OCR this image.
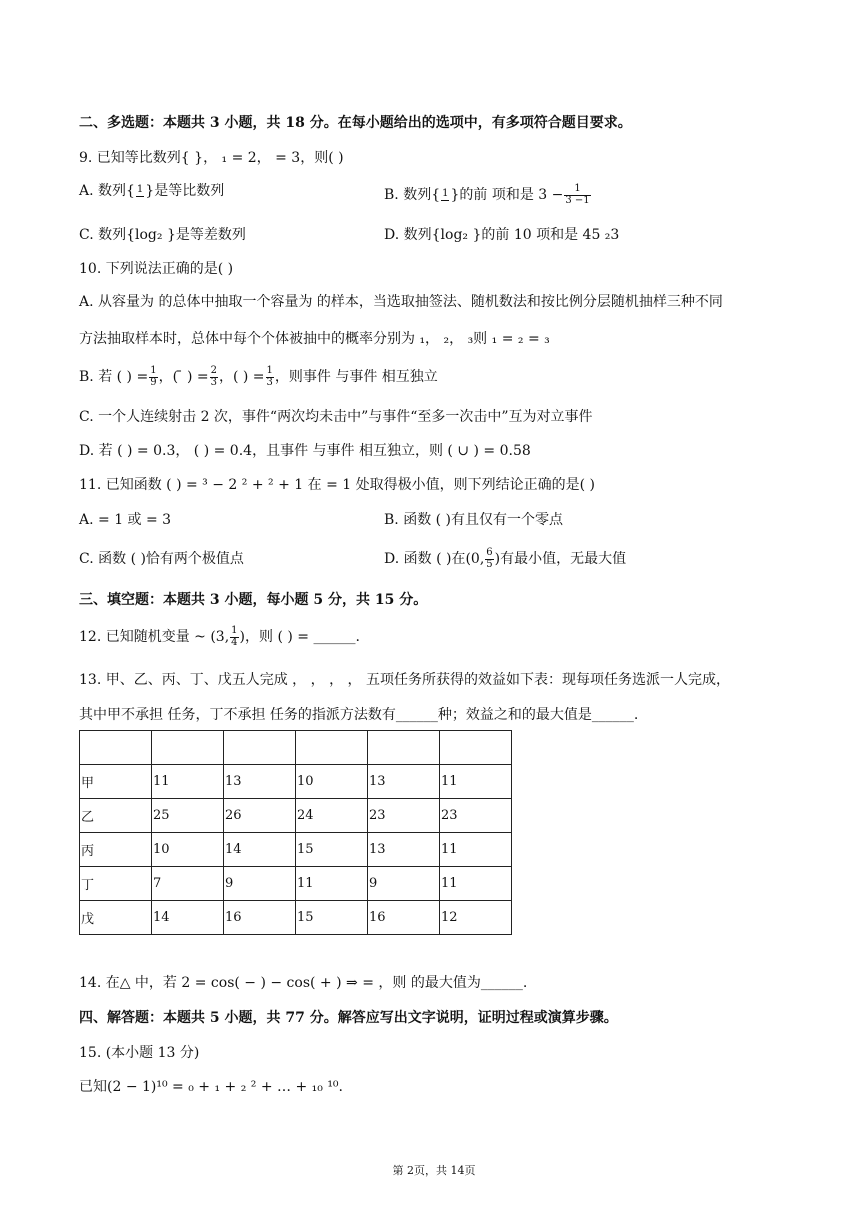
二、多选题：本题共 3 小题，共 18 分。在每小题给出的选项中，有多项符合题目要求。
9. 已知等比数列{ }， ₁ = 2， = 3，则( )
A. 数列{ 1 }是等比数列	B. 数列{ 1 }的前 项和是 $3 - \frac{1}{3 -1}$
C. 数列{log₂ }是等差数列	D. 数列{log₂ }的前 10 项和是 45 ₂3
10. 下列说法正确的是( )
A. 从容量为 的总体中抽取一个容量为 的样本，当选取抽签法、随机数法和按比例分层随机抽样三种不同
方法抽取样本时，总体中每个个体被抽中的概率分别为 ₁， ₂， ₃则 ₁ = ₂ = ₃
B. 若 ( ) = $\frac{1}{9}$ ，( ̄ ) = $\frac{2}{3}$ ，( ) = $\frac{1}{3}$ ，则事件 与事件 相互独立
C. 一个人连续射击 2 次，事件“两次均未击中”与事件“至多一次击中”互为对立事件
D. 若 ( ) = 0.3， ( ) = 0.4，且事件 与事件 相互独立，则 ( ∪ ) = 0.58
11. 已知函数 ( ) = ³ − 2 ² + ² + 1 在 = 1 处取得极小值，则下列结论正确的是( )
A. = 1 或 = 3	B. 函数 ( )有且仅有一个零点
C. 函数 ( )恰有两个极值点	D. 函数 ( )在(0, $\frac{6}{5}$ )有最小值，无最大值
三、填空题：本题共 3 小题，每小题 5 分，共 15 分。
12. 已知随机变量 ~ (3, $\frac{1}{4}$ )，则 ( ) = ______.
13. 甲、乙、丙、丁、戊五人完成 ， ， ， ， 五项任务所获得的效益如下表：现每项任务选派一人完成，
其中甲不承担 任务，丁不承担 任务的指派方法数有______种；效益之和的最大值是______.

甲	11	13	10	13	11
乙	25	26	24	23	23
丙	10	14	15	13	11
丁	7	9	11	9	11
戊	14	16	15	16	12
14. 在△ 中，若 2 = cos( − ) − cos( + ) ⇒ = ，则 的最大值为______.
四、解答题：本题共 5 小题，共 77 分。解答应写出文字说明，证明过程或演算步骤。
15. (本小题 13 分)
已知(2 − 1)¹⁰ = ₀ + ₁ + ₂ ² + … + ₁₀ ¹⁰.
第 2页，共 14页
